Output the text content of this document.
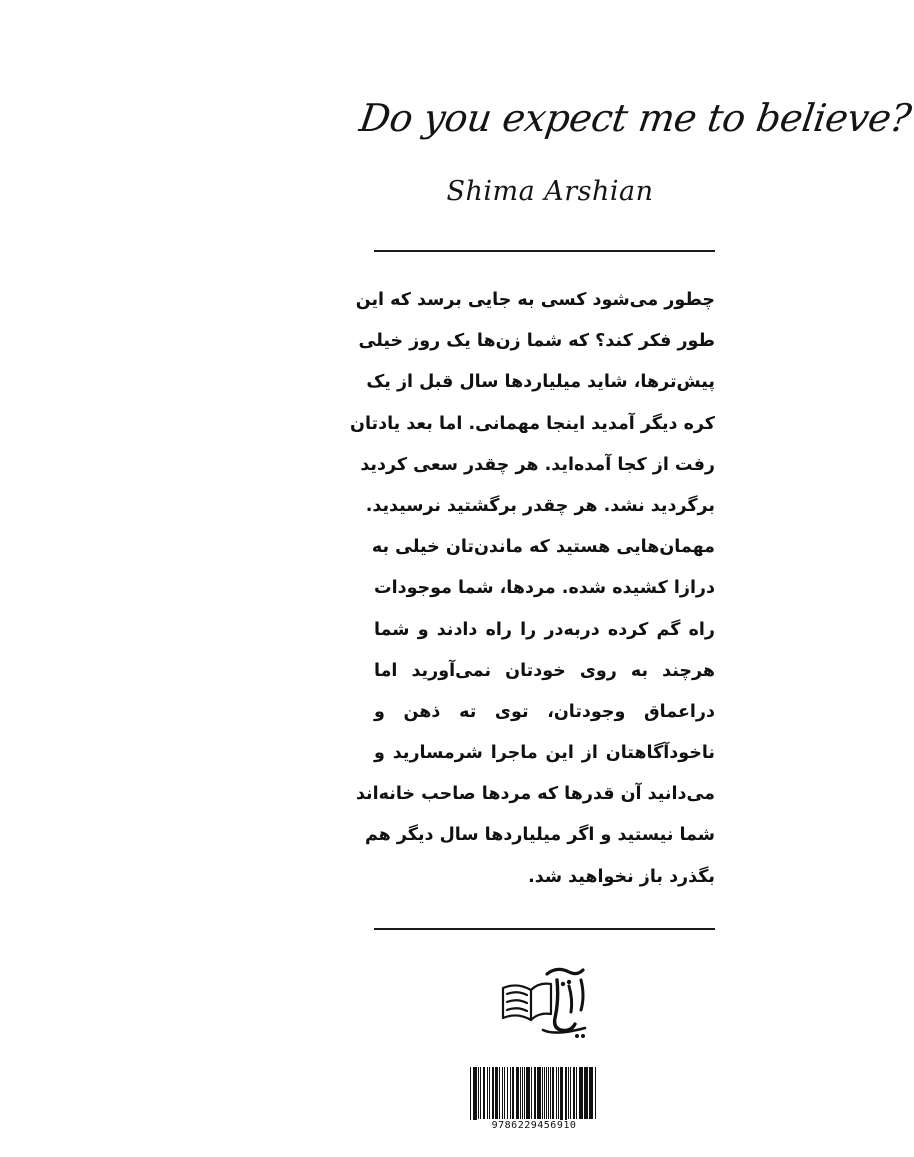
Do you expect me to believe?
Shima Arshian
چطور می‌شود کسی به جایی برسد که این
طور فکر کند؟ که شما زن‌ها یک روز خیلی
پیش‌ترها، شاید میلیاردها سال قبل از یک
کره دیگر آمدید اینجا مهمانی. اما بعد یادتان
رفت از کجا آمده‌اید. هر چقدر سعی کردید
برگردید نشد. هر چقدر برگشتید نرسیدید.
مهمان‌هایی هستید که ماندن‌تان خیلی به
درازا کشیده شده. مردها، شما موجودات
راه گم کرده دربه‌در را راه دادند و شما
هرچند به روی خودتان نمی‌آورید اما
دراعماق وجودتان، توی ته ذهن و
ناخودآگاهتان از این ماجرا شرمسارید و
می‌دانید آن قدرها که مردها صاحب خانه‌اند
شما نیستید و اگر میلیاردها سال دیگر هم
بگذرد باز نخواهید شد.
9786229456910
